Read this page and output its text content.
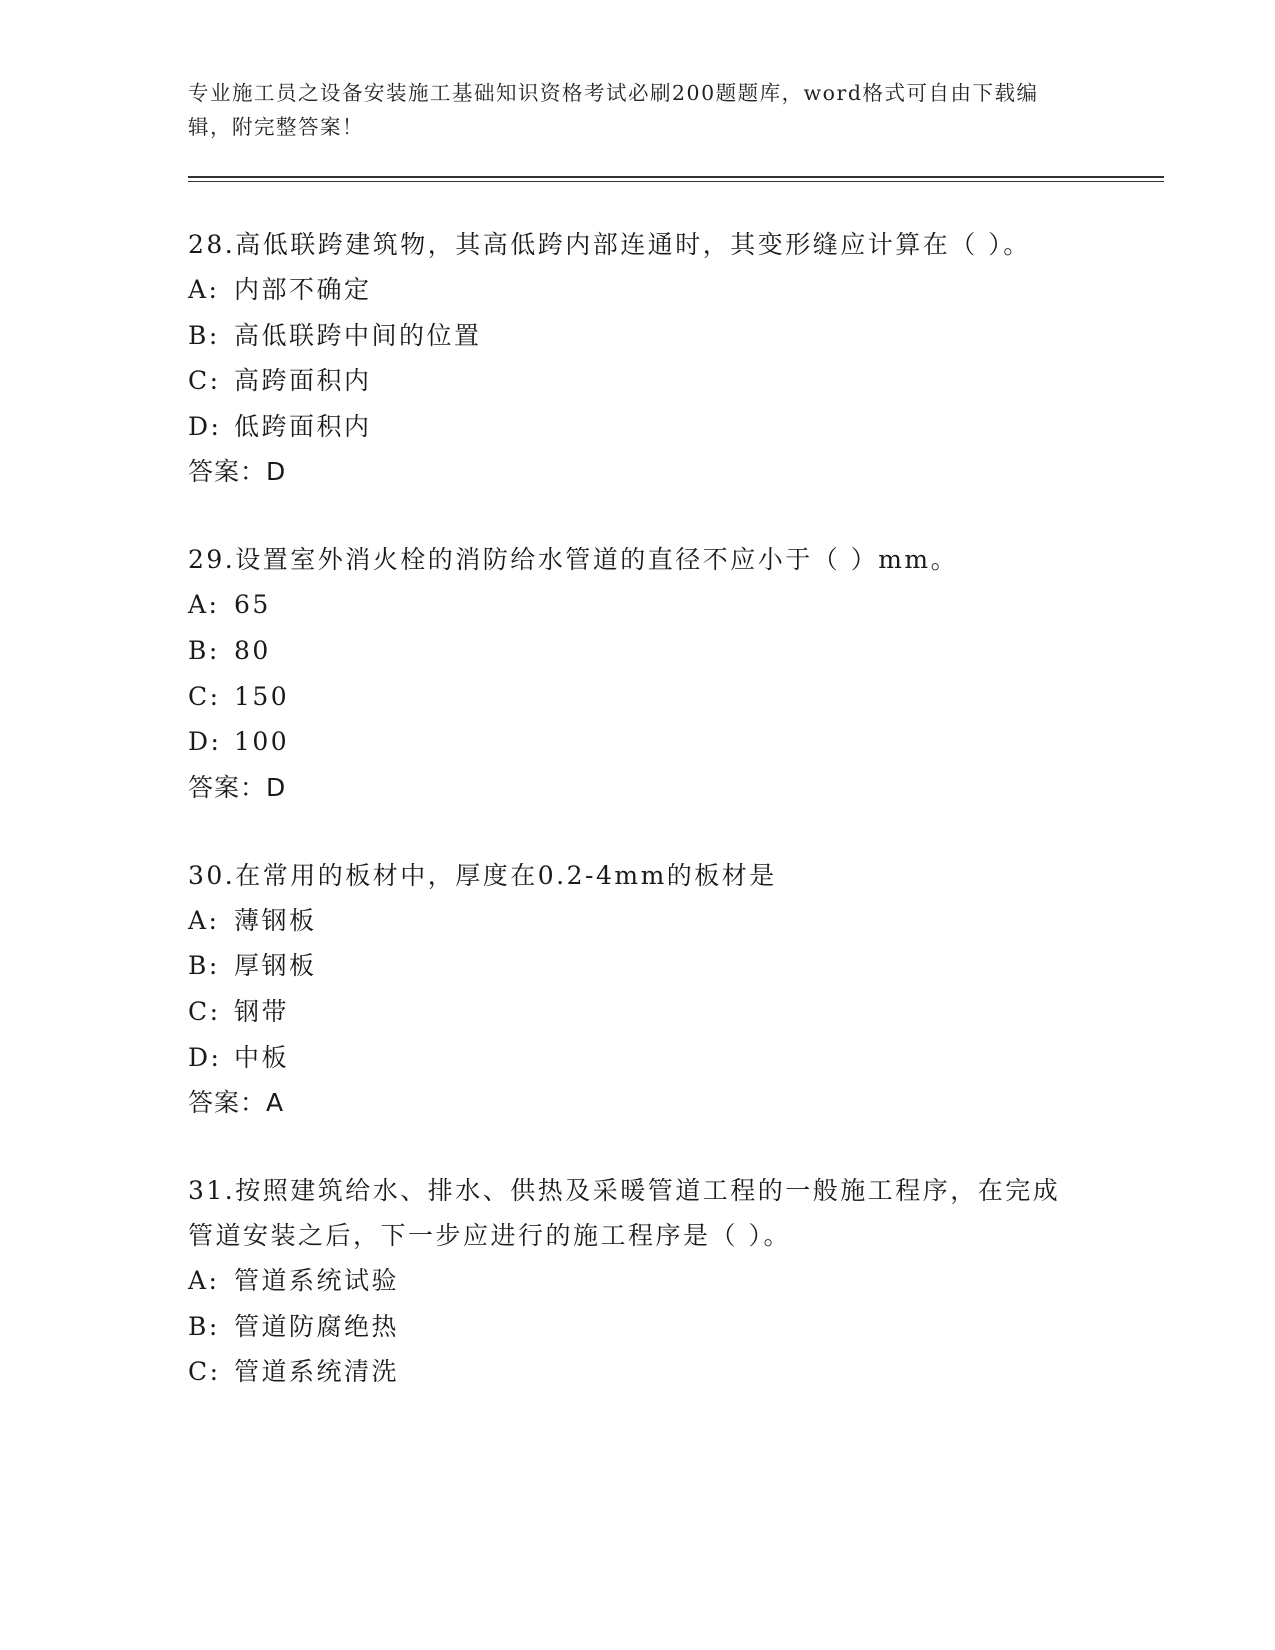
专业施工员之设备安装施工基础知识资格考试必刷200题题库，word格式可自由下载编辑，附完整答案！
28.高低联跨建筑物，其高低跨内部连通时，其变形缝应计算在（ ）。
A: 内部不确定
B: 高低联跨中间的位置
C: 高跨面积内
D: 低跨面积内
答案：D
29.设置室外消火栓的消防给水管道的直径不应小于（ ）mm。
A: 65
B: 80
C: 150
D: 100
答案：D
30.在常用的板材中，厚度在0.2-4mm的板材是
A: 薄钢板
B: 厚钢板
C: 钢带
D: 中板
答案：A
31.按照建筑给水、排水、供热及采暖管道工程的一般施工程序，在完成管道安装之后，下一步应进行的施工程序是（ ）。
A: 管道系统试验
B: 管道防腐绝热
C: 管道系统清洗
